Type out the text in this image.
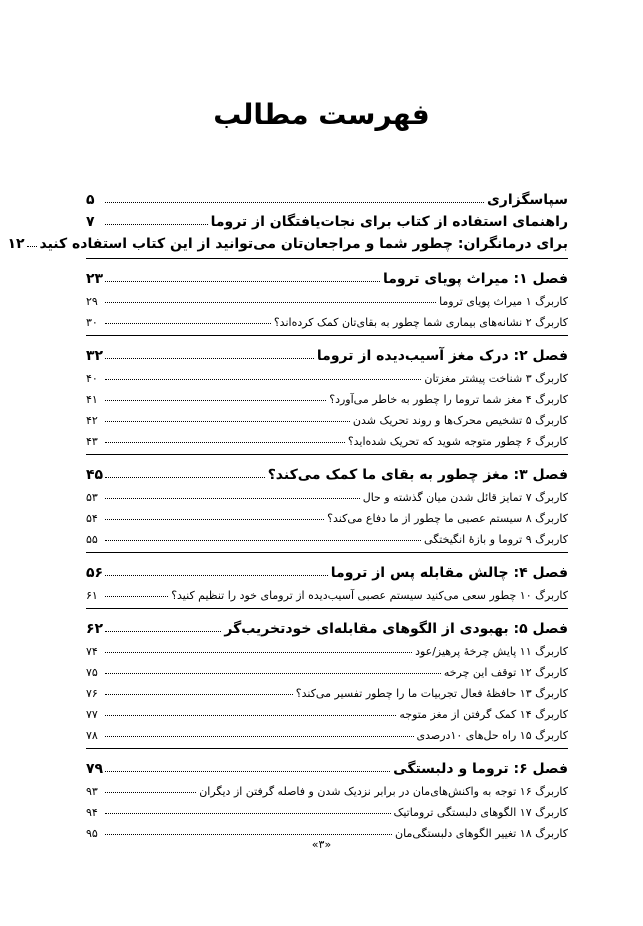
فهرست مطالب
سپاسگزاری
۵
راهنمای استفاده از کتاب برای نجات‌یافتگان از تروما
۷
برای درمانگران: چطور شما و مراجعان‌تان می‌توانید از این کتاب استفاده کنید
۱۲
فصل ۱: میراث پویای تروما
۲۳
کاربرگ ۱ میراث پویای تروما
۲۹
کاربرگ ۲ نشانه‌های بیماری شما چطور به بقای‌تان کمک کرده‌اند؟
۳۰
فصل ۲: درک مغز آسیب‌دیده از تروما
۳۲
کاربرگ ۳ شناخت پیشتر مغزتان
۴۰
کاربرگ ۴ مغز شما تروما را چطور به خاطر می‌آورد؟
۴۱
کاربرگ ۵ تشخیص محرک‌ها و روند تحریک شدن
۴۲
کاربرگ ۶ چطور متوجه شوید که تحریک شده‌اید؟
۴۳
فصل ۳: مغز چطور به بقای ما کمک می‌کند؟
۴۵
کاربرگ ۷ تمایز قائل شدن میان گذشته و حال
۵۳
کاربرگ ۸ سیستم عصبی ما چطور از ما دفاع می‌کند؟
۵۴
کاربرگ ۹ تروما و بازهٔ انگیختگی
۵۵
فصل ۴: چالش مقابله پس از تروما
۵۶
کاربرگ ۱۰ چطور سعی می‌کنید سیستم عصبی آسیب‌دیده از ترومای خود را تنظیم کنید؟
۶۱
فصل ۵: بهبودی از الگوهای مقابله‌ای خودتخریب‌گر
۶۲
کاربرگ ۱۱ پایش چرخهٔ پرهیز/عود
۷۴
کاربرگ ۱۲ توقف این چرخه
۷۵
کاربرگ ۱۳ حافظهٔ فعال تجربیات ما را چطور تفسیر می‌کند؟
۷۶
کاربرگ ۱۴ کمک گرفتن از مغز متوجه
۷۷
کاربرگ ۱۵ راه حل‌های ۱۰درصدی
۷۸
فصل ۶: تروما و دلبستگی
۷۹
کاربرگ ۱۶ توجه به واکنش‌های‌مان در برابر نزدیک شدن و فاصله گرفتن از دیگران
۹۳
کاربرگ ۱۷ الگوهای دلبستگی تروماتیک
۹۴
کاربرگ ۱۸ تغییر الگوهای دلبستگی‌مان
۹۵
«۳»
